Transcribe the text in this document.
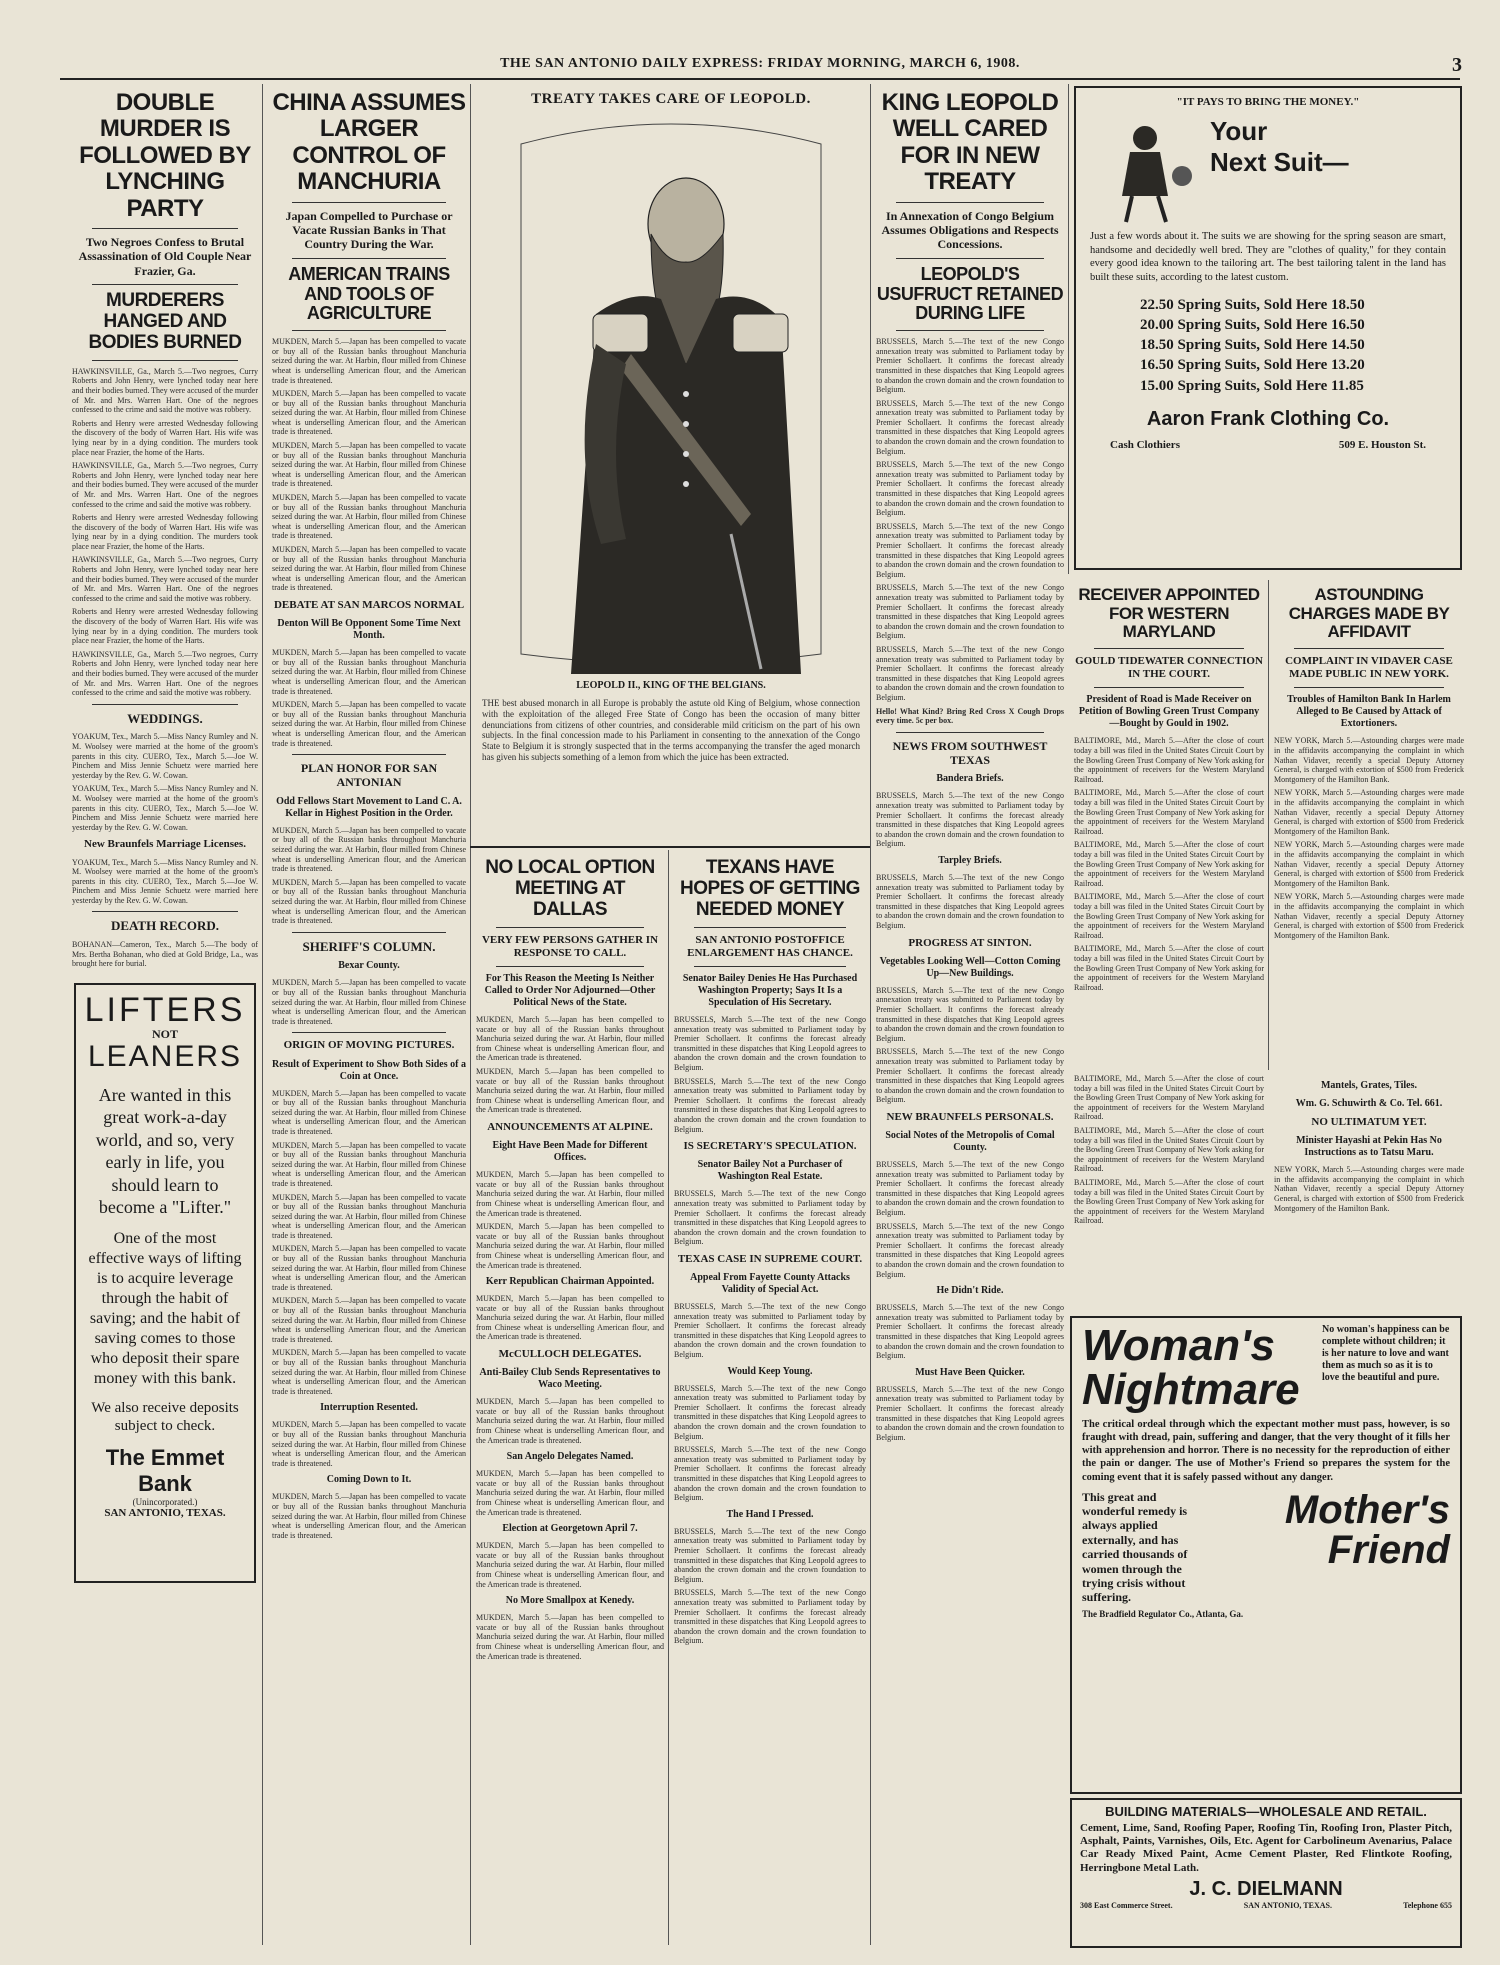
THE SAN ANTONIO DAILY EXPRESS: FRIDAY MORNING, MARCH 6, 1908.	3
DOUBLE MURDER IS FOLLOWED BY LYNCHING PARTY
Two Negroes Confess to Brutal Assassination of Old Couple Near Frazier, Ga.
MURDERERS HANGED AND BODIES BURNED

HAWKINSVILLE, Ga., March 5.—Two negroes, Curry Roberts and John Henry, were lynched today near here and their bodies burned. They were accused of the murder of Mr. and Mrs. Warren Hart. One of the negroes confessed to the crime and said the motive was robbery.

Roberts and Henry were arrested Wednesday following the discovery of the body of Warren Hart. His wife was lying near by in a dying condition. The murders took place near Frazier, the home of the Harts.

HAWKINSVILLE, Ga., March 5.—Two negroes, Curry Roberts and John Henry, were lynched today near here and their bodies burned. They were accused of the murder of Mr. and Mrs. Warren Hart. One of the negroes confessed to the crime and said the motive was robbery.

Roberts and Henry were arrested Wednesday following the discovery of the body of Warren Hart. His wife was lying near by in a dying condition. The murders took place near Frazier, the home of the Harts.

HAWKINSVILLE, Ga., March 5.—Two negroes, Curry Roberts and John Henry, were lynched today near here and their bodies burned. They were accused of the murder of Mr. and Mrs. Warren Hart. One of the negroes confessed to the crime and said the motive was robbery.

Roberts and Henry were arrested Wednesday following the discovery of the body of Warren Hart. His wife was lying near by in a dying condition. The murders took place near Frazier, the home of the Harts.

HAWKINSVILLE, Ga., March 5.—Two negroes, Curry Roberts and John Henry, were lynched today near here and their bodies burned. They were accused of the murder of Mr. and Mrs. Warren Hart. One of the negroes confessed to the crime and said the motive was robbery.

WEDDINGS.

YOAKUM, Tex., March 5.—Miss Nancy Rumley and N. M. Woolsey were married at the home of the groom's parents in this city. CUERO, Tex., March 5.—Joe W. Pinchem and Miss Jennie Schuetz were married here yesterday by the Rev. G. W. Cowan.

YOAKUM, Tex., March 5.—Miss Nancy Rumley and N. M. Woolsey were married at the home of the groom's parents in this city. CUERO, Tex., March 5.—Joe W. Pinchem and Miss Jennie Schuetz were married here yesterday by the Rev. G. W. Cowan.

New Braunfels Marriage Licenses.

YOAKUM, Tex., March 5.—Miss Nancy Rumley and N. M. Woolsey were married at the home of the groom's parents in this city. CUERO, Tex., March 5.—Joe W. Pinchem and Miss Jennie Schuetz were married here yesterday by the Rev. G. W. Cowan.

DEATH RECORD.

BOHANAN—Cameron, Tex., March 5.—The body of Mrs. Bertha Bohanan, who died at Gold Bridge, La., was brought here for burial.

LIFTERS
NOT
LEANERS
Are wanted in this great work-a-day world, and so, very early in life, you should learn to become a "Lifter."
One of the most effective ways of lifting is to acquire leverage through the habit of saving; and the habit of saving comes to those who deposit their spare money with this bank.
We also receive deposits subject to check.
The Emmet Bank
(Unincorporated.)
SAN ANTONIO, TEXAS.
CHINA ASSUMES LARGER CONTROL OF MANCHURIA
Japan Compelled to Purchase or Vacate Russian Banks in That Country During the War.
AMERICAN TRAINS AND TOOLS OF AGRICULTURE

MUKDEN, March 5.—Japan has been compelled to vacate or buy all of the Russian banks throughout Manchuria seized during the war. At Harbin, flour milled from Chinese wheat is underselling American flour, and the American trade is threatened.

MUKDEN, March 5.—Japan has been compelled to vacate or buy all of the Russian banks throughout Manchuria seized during the war. At Harbin, flour milled from Chinese wheat is underselling American flour, and the American trade is threatened.

MUKDEN, March 5.—Japan has been compelled to vacate or buy all of the Russian banks throughout Manchuria seized during the war. At Harbin, flour milled from Chinese wheat is underselling American flour, and the American trade is threatened.

MUKDEN, March 5.—Japan has been compelled to vacate or buy all of the Russian banks throughout Manchuria seized during the war. At Harbin, flour milled from Chinese wheat is underselling American flour, and the American trade is threatened.

MUKDEN, March 5.—Japan has been compelled to vacate or buy all of the Russian banks throughout Manchuria seized during the war. At Harbin, flour milled from Chinese wheat is underselling American flour, and the American trade is threatened.

DEBATE AT SAN MARCOS NORMAL
Denton Will Be Opponent Some Time Next Month.

MUKDEN, March 5.—Japan has been compelled to vacate or buy all of the Russian banks throughout Manchuria seized during the war. At Harbin, flour milled from Chinese wheat is underselling American flour, and the American trade is threatened.

MUKDEN, March 5.—Japan has been compelled to vacate or buy all of the Russian banks throughout Manchuria seized during the war. At Harbin, flour milled from Chinese wheat is underselling American flour, and the American trade is threatened.

PLAN HONOR FOR SAN ANTONIAN
Odd Fellows Start Movement to Land C. A. Kellar in Highest Position in the Order.

MUKDEN, March 5.—Japan has been compelled to vacate or buy all of the Russian banks throughout Manchuria seized during the war. At Harbin, flour milled from Chinese wheat is underselling American flour, and the American trade is threatened.

MUKDEN, March 5.—Japan has been compelled to vacate or buy all of the Russian banks throughout Manchuria seized during the war. At Harbin, flour milled from Chinese wheat is underselling American flour, and the American trade is threatened.

SHERIFF'S COLUMN.
Bexar County.

MUKDEN, March 5.—Japan has been compelled to vacate or buy all of the Russian banks throughout Manchuria seized during the war. At Harbin, flour milled from Chinese wheat is underselling American flour, and the American trade is threatened.

ORIGIN OF MOVING PICTURES.
Result of Experiment to Show Both Sides of a Coin at Once.

MUKDEN, March 5.—Japan has been compelled to vacate or buy all of the Russian banks throughout Manchuria seized during the war. At Harbin, flour milled from Chinese wheat is underselling American flour, and the American trade is threatened.

MUKDEN, March 5.—Japan has been compelled to vacate or buy all of the Russian banks throughout Manchuria seized during the war. At Harbin, flour milled from Chinese wheat is underselling American flour, and the American trade is threatened.

MUKDEN, March 5.—Japan has been compelled to vacate or buy all of the Russian banks throughout Manchuria seized during the war. At Harbin, flour milled from Chinese wheat is underselling American flour, and the American trade is threatened.

MUKDEN, March 5.—Japan has been compelled to vacate or buy all of the Russian banks throughout Manchuria seized during the war. At Harbin, flour milled from Chinese wheat is underselling American flour, and the American trade is threatened.

MUKDEN, March 5.—Japan has been compelled to vacate or buy all of the Russian banks throughout Manchuria seized during the war. At Harbin, flour milled from Chinese wheat is underselling American flour, and the American trade is threatened.

MUKDEN, March 5.—Japan has been compelled to vacate or buy all of the Russian banks throughout Manchuria seized during the war. At Harbin, flour milled from Chinese wheat is underselling American flour, and the American trade is threatened.

Interruption Resented.

MUKDEN, March 5.—Japan has been compelled to vacate or buy all of the Russian banks throughout Manchuria seized during the war. At Harbin, flour milled from Chinese wheat is underselling American flour, and the American trade is threatened.

Coming Down to It.

MUKDEN, March 5.—Japan has been compelled to vacate or buy all of the Russian banks throughout Manchuria seized during the war. At Harbin, flour milled from Chinese wheat is underselling American flour, and the American trade is threatened.

TREATY TAKES CARE OF LEOPOLD.
LEOPOLD II., KING OF THE BELGIANS.

THE best abused monarch in all Europe is probably the astute old King of Belgium, whose connection with the exploitation of the alleged Free State of Congo has been the occasion of many bitter denunciations from citizens of other countries, and considerable mild criticism on the part of his own subjects. In the final concession made to his Parliament in consenting to the annexation of the Congo State to Belgium it is strongly suspected that in the terms accompanying the transfer the aged monarch has given his subjects something of a lemon from which the juice has been extracted.

NO LOCAL OPTION MEETING AT DALLAS
VERY FEW PERSONS GATHER IN RESPONSE TO CALL.
For This Reason the Meeting Is Neither Called to Order Nor Adjourned—Other Political News of the State.

MUKDEN, March 5.—Japan has been compelled to vacate or buy all of the Russian banks throughout Manchuria seized during the war. At Harbin, flour milled from Chinese wheat is underselling American flour, and the American trade is threatened.

MUKDEN, March 5.—Japan has been compelled to vacate or buy all of the Russian banks throughout Manchuria seized during the war. At Harbin, flour milled from Chinese wheat is underselling American flour, and the American trade is threatened.

ANNOUNCEMENTS AT ALPINE.
Eight Have Been Made for Different Offices.

MUKDEN, March 5.—Japan has been compelled to vacate or buy all of the Russian banks throughout Manchuria seized during the war. At Harbin, flour milled from Chinese wheat is underselling American flour, and the American trade is threatened.

MUKDEN, March 5.—Japan has been compelled to vacate or buy all of the Russian banks throughout Manchuria seized during the war. At Harbin, flour milled from Chinese wheat is underselling American flour, and the American trade is threatened.

Kerr Republican Chairman Appointed.

MUKDEN, March 5.—Japan has been compelled to vacate or buy all of the Russian banks throughout Manchuria seized during the war. At Harbin, flour milled from Chinese wheat is underselling American flour, and the American trade is threatened.

McCULLOCH DELEGATES.
Anti-Bailey Club Sends Representatives to Waco Meeting.

MUKDEN, March 5.—Japan has been compelled to vacate or buy all of the Russian banks throughout Manchuria seized during the war. At Harbin, flour milled from Chinese wheat is underselling American flour, and the American trade is threatened.

San Angelo Delegates Named.

MUKDEN, March 5.—Japan has been compelled to vacate or buy all of the Russian banks throughout Manchuria seized during the war. At Harbin, flour milled from Chinese wheat is underselling American flour, and the American trade is threatened.

Election at Georgetown April 7.

MUKDEN, March 5.—Japan has been compelled to vacate or buy all of the Russian banks throughout Manchuria seized during the war. At Harbin, flour milled from Chinese wheat is underselling American flour, and the American trade is threatened.

No More Smallpox at Kenedy.

MUKDEN, March 5.—Japan has been compelled to vacate or buy all of the Russian banks throughout Manchuria seized during the war. At Harbin, flour milled from Chinese wheat is underselling American flour, and the American trade is threatened.

TEXANS HAVE HOPES OF GETTING NEEDED MONEY
SAN ANTONIO POSTOFFICE ENLARGEMENT HAS CHANCE.
Senator Bailey Denies He Has Purchased Washington Property; Says It Is a Speculation of His Secretary.

BRUSSELS, March 5.—The text of the new Congo annexation treaty was submitted to Parliament today by Premier Schollaert. It confirms the forecast already transmitted in these dispatches that King Leopold agrees to abandon the crown domain and the crown foundation to Belgium.

BRUSSELS, March 5.—The text of the new Congo annexation treaty was submitted to Parliament today by Premier Schollaert. It confirms the forecast already transmitted in these dispatches that King Leopold agrees to abandon the crown domain and the crown foundation to Belgium.

IS SECRETARY'S SPECULATION.
Senator Bailey Not a Purchaser of Washington Real Estate.

BRUSSELS, March 5.—The text of the new Congo annexation treaty was submitted to Parliament today by Premier Schollaert. It confirms the forecast already transmitted in these dispatches that King Leopold agrees to abandon the crown domain and the crown foundation to Belgium.

TEXAS CASE IN SUPREME COURT.
Appeal From Fayette County Attacks Validity of Special Act.

BRUSSELS, March 5.—The text of the new Congo annexation treaty was submitted to Parliament today by Premier Schollaert. It confirms the forecast already transmitted in these dispatches that King Leopold agrees to abandon the crown domain and the crown foundation to Belgium.

Would Keep Young.

BRUSSELS, March 5.—The text of the new Congo annexation treaty was submitted to Parliament today by Premier Schollaert. It confirms the forecast already transmitted in these dispatches that King Leopold agrees to abandon the crown domain and the crown foundation to Belgium.

BRUSSELS, March 5.—The text of the new Congo annexation treaty was submitted to Parliament today by Premier Schollaert. It confirms the forecast already transmitted in these dispatches that King Leopold agrees to abandon the crown domain and the crown foundation to Belgium.

The Hand I Pressed.

BRUSSELS, March 5.—The text of the new Congo annexation treaty was submitted to Parliament today by Premier Schollaert. It confirms the forecast already transmitted in these dispatches that King Leopold agrees to abandon the crown domain and the crown foundation to Belgium.

BRUSSELS, March 5.—The text of the new Congo annexation treaty was submitted to Parliament today by Premier Schollaert. It confirms the forecast already transmitted in these dispatches that King Leopold agrees to abandon the crown domain and the crown foundation to Belgium.

KING LEOPOLD WELL CARED FOR IN NEW TREATY
In Annexation of Congo Belgium Assumes Obligations and Respects Concessions.
LEOPOLD'S USUFRUCT RETAINED DURING LIFE

BRUSSELS, March 5.—The text of the new Congo annexation treaty was submitted to Parliament today by Premier Schollaert. It confirms the forecast already transmitted in these dispatches that King Leopold agrees to abandon the crown domain and the crown foundation to Belgium.

BRUSSELS, March 5.—The text of the new Congo annexation treaty was submitted to Parliament today by Premier Schollaert. It confirms the forecast already transmitted in these dispatches that King Leopold agrees to abandon the crown domain and the crown foundation to Belgium.

BRUSSELS, March 5.—The text of the new Congo annexation treaty was submitted to Parliament today by Premier Schollaert. It confirms the forecast already transmitted in these dispatches that King Leopold agrees to abandon the crown domain and the crown foundation to Belgium.

BRUSSELS, March 5.—The text of the new Congo annexation treaty was submitted to Parliament today by Premier Schollaert. It confirms the forecast already transmitted in these dispatches that King Leopold agrees to abandon the crown domain and the crown foundation to Belgium.

BRUSSELS, March 5.—The text of the new Congo annexation treaty was submitted to Parliament today by Premier Schollaert. It confirms the forecast already transmitted in these dispatches that King Leopold agrees to abandon the crown domain and the crown foundation to Belgium.

BRUSSELS, March 5.—The text of the new Congo annexation treaty was submitted to Parliament today by Premier Schollaert. It confirms the forecast already transmitted in these dispatches that King Leopold agrees to abandon the crown domain and the crown foundation to Belgium.

Hello! What Kind? Bring Red Cross X Cough Drops every time. 5c per box.

NEWS FROM SOUTHWEST TEXAS
Bandera Briefs.

BRUSSELS, March 5.—The text of the new Congo annexation treaty was submitted to Parliament today by Premier Schollaert. It confirms the forecast already transmitted in these dispatches that King Leopold agrees to abandon the crown domain and the crown foundation to Belgium.

Tarpley Briefs.

BRUSSELS, March 5.—The text of the new Congo annexation treaty was submitted to Parliament today by Premier Schollaert. It confirms the forecast already transmitted in these dispatches that King Leopold agrees to abandon the crown domain and the crown foundation to Belgium.

PROGRESS AT SINTON.
Vegetables Looking Well—Cotton Coming Up—New Buildings.

BRUSSELS, March 5.—The text of the new Congo annexation treaty was submitted to Parliament today by Premier Schollaert. It confirms the forecast already transmitted in these dispatches that King Leopold agrees to abandon the crown domain and the crown foundation to Belgium.

BRUSSELS, March 5.—The text of the new Congo annexation treaty was submitted to Parliament today by Premier Schollaert. It confirms the forecast already transmitted in these dispatches that King Leopold agrees to abandon the crown domain and the crown foundation to Belgium.

NEW BRAUNFELS PERSONALS.
Social Notes of the Metropolis of Comal County.

BRUSSELS, March 5.—The text of the new Congo annexation treaty was submitted to Parliament today by Premier Schollaert. It confirms the forecast already transmitted in these dispatches that King Leopold agrees to abandon the crown domain and the crown foundation to Belgium.

BRUSSELS, March 5.—The text of the new Congo annexation treaty was submitted to Parliament today by Premier Schollaert. It confirms the forecast already transmitted in these dispatches that King Leopold agrees to abandon the crown domain and the crown foundation to Belgium.

He Didn't Ride.

BRUSSELS, March 5.—The text of the new Congo annexation treaty was submitted to Parliament today by Premier Schollaert. It confirms the forecast already transmitted in these dispatches that King Leopold agrees to abandon the crown domain and the crown foundation to Belgium.

Must Have Been Quicker.

BRUSSELS, March 5.—The text of the new Congo annexation treaty was submitted to Parliament today by Premier Schollaert. It confirms the forecast already transmitted in these dispatches that King Leopold agrees to abandon the crown domain and the crown foundation to Belgium.

"IT PAYS TO BRING THE MONEY."
Your
Next Suit—

Just a few words about it. The suits we are showing for the spring season are smart, handsome and decidedly well bred. They are "clothes of quality," for they contain every good idea known to the tailoring art. The best tailoring talent in the land has built these suits, according to the latest custom.

22.50 Spring Suits, Sold Here 18.50
20.00 Spring Suits, Sold Here 16.50
18.50 Spring Suits, Sold Here 14.50
16.50 Spring Suits, Sold Here 13.20
15.00 Spring Suits, Sold Here 11.85
Aaron Frank Clothing Co.
Cash Clothiers	509 E. Houston St.
RECEIVER APPOINTED FOR WESTERN MARYLAND
GOULD TIDEWATER CONNECTION IN THE COURT.
President of Road is Made Receiver on Petition of Bowling Green Trust Company—Bought by Gould in 1902.

BALTIMORE, Md., March 5.—After the close of court today a bill was filed in the United States Circuit Court by the Bowling Green Trust Company of New York asking for the appointment of receivers for the Western Maryland Railroad.

BALTIMORE, Md., March 5.—After the close of court today a bill was filed in the United States Circuit Court by the Bowling Green Trust Company of New York asking for the appointment of receivers for the Western Maryland Railroad.

BALTIMORE, Md., March 5.—After the close of court today a bill was filed in the United States Circuit Court by the Bowling Green Trust Company of New York asking for the appointment of receivers for the Western Maryland Railroad.

BALTIMORE, Md., March 5.—After the close of court today a bill was filed in the United States Circuit Court by the Bowling Green Trust Company of New York asking for the appointment of receivers for the Western Maryland Railroad.

BALTIMORE, Md., March 5.—After the close of court today a bill was filed in the United States Circuit Court by the Bowling Green Trust Company of New York asking for the appointment of receivers for the Western Maryland Railroad.

ASTOUNDING CHARGES MADE BY AFFIDAVIT
COMPLAINT IN VIDAVER CASE MADE PUBLIC IN NEW YORK.
Troubles of Hamilton Bank In Harlem Alleged to Be Caused by Attack of Extortioners.

NEW YORK, March 5.—Astounding charges were made in the affidavits accompanying the complaint in which Nathan Vidaver, recently a special Deputy Attorney General, is charged with extortion of $500 from Frederick Montgomery of the Hamilton Bank.

NEW YORK, March 5.—Astounding charges were made in the affidavits accompanying the complaint in which Nathan Vidaver, recently a special Deputy Attorney General, is charged with extortion of $500 from Frederick Montgomery of the Hamilton Bank.

NEW YORK, March 5.—Astounding charges were made in the affidavits accompanying the complaint in which Nathan Vidaver, recently a special Deputy Attorney General, is charged with extortion of $500 from Frederick Montgomery of the Hamilton Bank.

NEW YORK, March 5.—Astounding charges were made in the affidavits accompanying the complaint in which Nathan Vidaver, recently a special Deputy Attorney General, is charged with extortion of $500 from Frederick Montgomery of the Hamilton Bank.

BALTIMORE, Md., March 5.—After the close of court today a bill was filed in the United States Circuit Court by the Bowling Green Trust Company of New York asking for the appointment of receivers for the Western Maryland Railroad.

BALTIMORE, Md., March 5.—After the close of court today a bill was filed in the United States Circuit Court by the Bowling Green Trust Company of New York asking for the appointment of receivers for the Western Maryland Railroad.

BALTIMORE, Md., March 5.—After the close of court today a bill was filed in the United States Circuit Court by the Bowling Green Trust Company of New York asking for the appointment of receivers for the Western Maryland Railroad.

Mantels, Grates, Tiles.
Wm. G. Schuwirth & Co. Tel. 661.
NO ULTIMATUM YET.
Minister Hayashi at Pekin Has No Instructions as to Tatsu Maru.

NEW YORK, March 5.—Astounding charges were made in the affidavits accompanying the complaint in which Nathan Vidaver, recently a special Deputy Attorney General, is charged with extortion of $500 from Frederick Montgomery of the Hamilton Bank.

Woman's
Nightmare
No woman's happiness can be complete without children; it is her nature to love and want them as much so as it is to love the beautiful and pure.

The critical ordeal through which the expectant mother must pass, however, is so fraught with dread, pain, suffering and danger, that the very thought of it fills her with apprehension and horror. There is no necessity for the reproduction of either the pain or danger. The use of Mother's Friend so prepares the system for the coming event that it is safely passed without any danger.

This great and wonderful remedy is always applied externally, and has carried thousands of women through the trying crisis without suffering.
Mother's
Friend
The Bradfield Regulator Co., Atlanta, Ga.
BUILDING MATERIALS—WHOLESALE AND RETAIL.

Cement, Lime, Sand, Roofing Paper, Roofing Tin, Roofing Iron, Plaster Pitch, Asphalt, Paints, Varnishes, Oils, Etc. Agent for Carbolineum Avenarius, Palace Car Ready Mixed Paint, Acme Cement Plaster, Red Flintkote Roofing, Herringbone Metal Lath.

J. C. DIELMANN
308 East Commerce Street.	SAN ANTONIO, TEXAS.	Telephone 655
